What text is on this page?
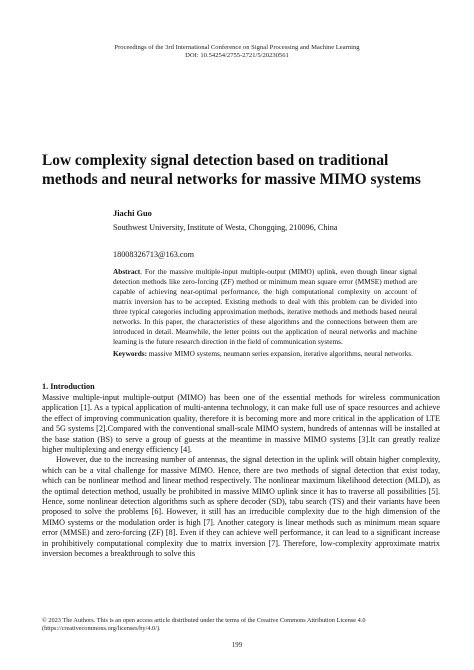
Proceedings of the 3rd International Conference on Signal Processing and Machine Learning
DOI: 10.54254/2755-2721/5/20230561
Low complexity signal detection based on traditional methods and neural networks for massive MIMO systems
Jiachi Guo
Southwest University, Institute of Westa, Chongqing, 210096, China
18008326713@163.com
Abstract. For the massive multiple-input multiple-output (MIMO) uplink, even though linear signal detection methods like zero-forcing (ZF) method or minimum mean square error (MMSE) method are capable of achieving near-optimal performance, the high computational complexity on account of matrix inversion has to be accepted. Existing methods to deal with this problem can be divided into three typical categories including approximation methods, iterative methods and methods based neural networks. In this paper, the characteristics of these algorithms and the connections between them are introduced in detail. Meanwhile, the letter points out the application of neural networks and machine learning is the future research direction in the field of communication systems.
Keywords: massive MIMO systems, neumann series expansion, iterative algorithms, neural networks.
1. Introduction

Massive multiple-input multiple-output (MIMO) has been one of the essential methods for wireless communication application [1]. As a typical application of multi-antenna technology, it can make full use of space resources and achieve the effect of improving communication quality, therefore it is becoming more and more critical in the application of LTE and 5G systems [2].Compared with the conventional small-scale MIMO system, hundreds of antennas will be installed at the base station (BS) to serve a group of guests at the meantime in massive MIMO systems [3].It can greatly realize higher multiplexing and energy efficiency [4].

However, due to the increasing number of antennas, the signal detection in the uplink will obtain higher complexity, which can be a vital challenge for massive MIMO. Hence, there are two methods of signal detection that exist today, which can be nonlinear method and linear method respectively. The nonlinear maximum likelihood detection (MLD), as the optimal detection method, usually be prohibited in massive MIMO uplink since it has to traverse all possibilities [5]. Hence, some nonlinear detection algorithms such as sphere decoder (SD), tabu search (TS) and their variants have been proposed to solve the problems [6]. However, it still has an irreducible complexity due to the high dimension of the MIMO systems or the modulation order is high [7]. Another category is linear methods such as minimum mean square error (MMSE) and zero-forcing (ZF) [8]. Even if they can achieve well performance, it can lead to a significant increase in prohibitively computational complexity due to matrix inversion [7]. Therefore, low-complexity approximate matrix inversion becomes a breakthrough to solve this

© 2023 The Authors. This is an open access article distributed under the terms of the Creative Commons Attribution License 4.0 (https://creativecommons.org/licenses/by/4.0/).
199
